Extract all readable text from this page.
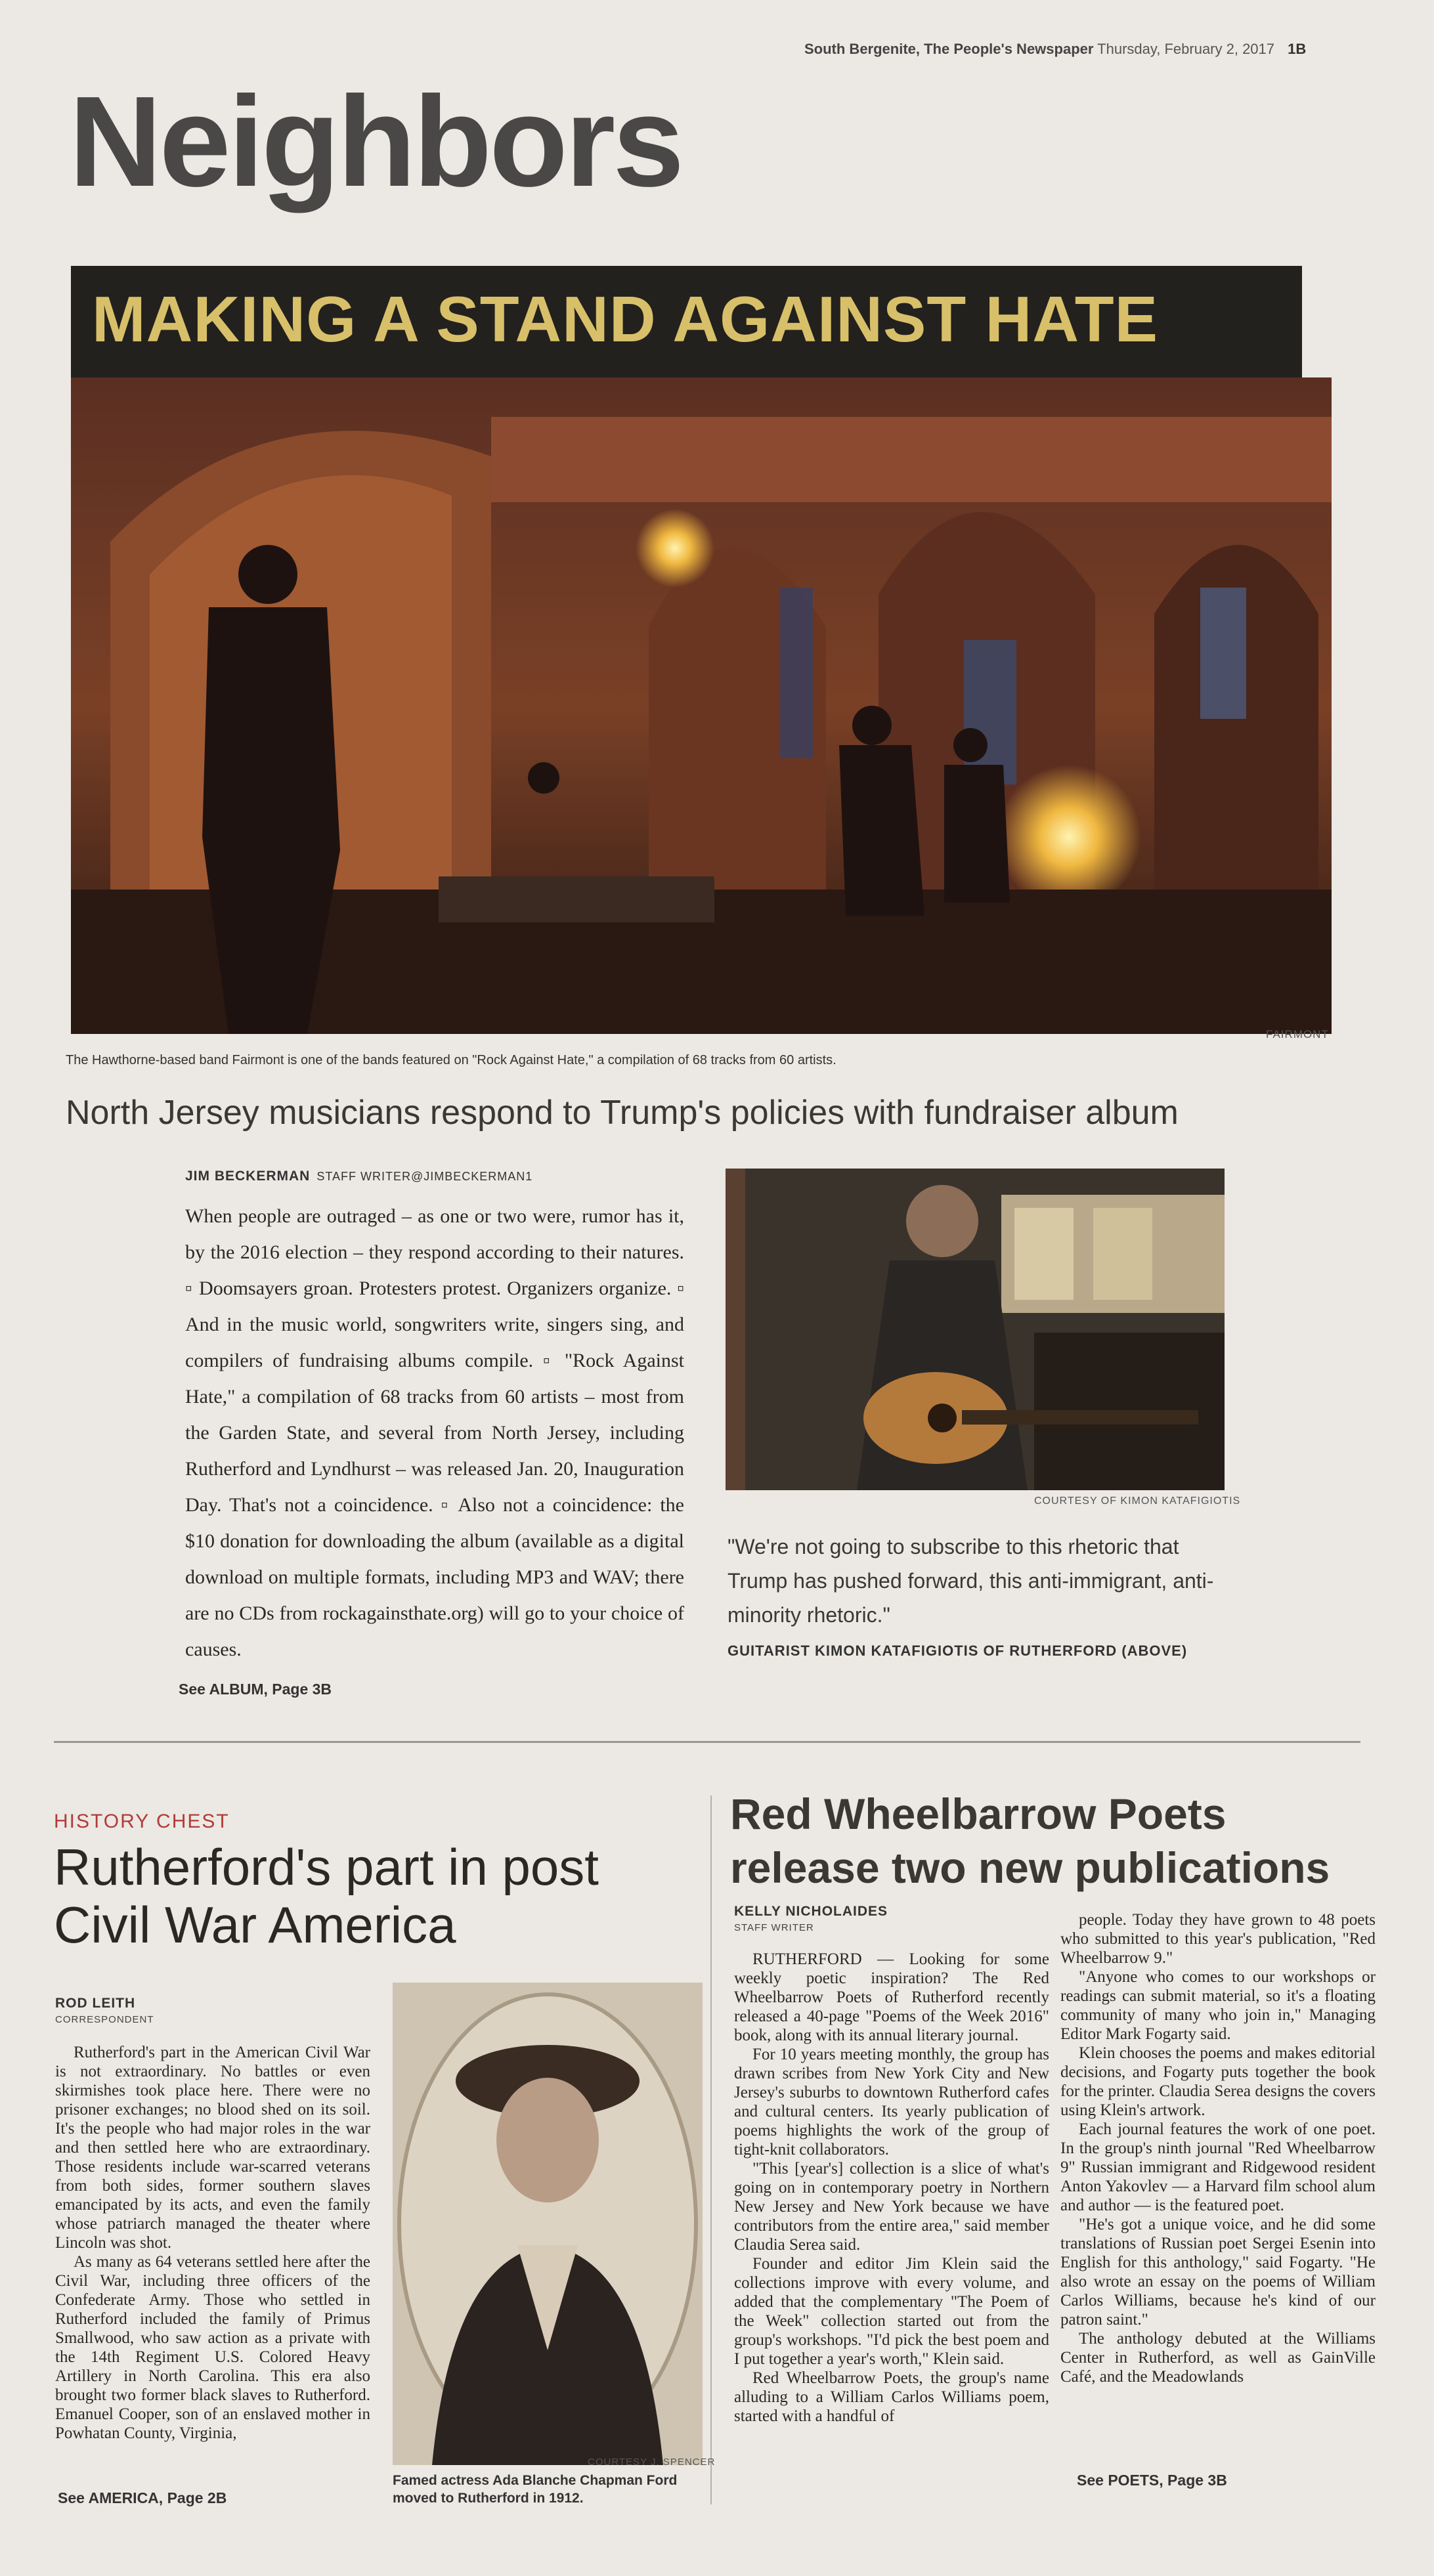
South Bergenite, The People's Newspaper Thursday, February 2, 2017 1B
Neighbors
MAKING A STAND AGAINST HATE
FAIRMONT
The Hawthorne-based band Fairmont is one of the bands featured on "Rock Against Hate," a compilation of 68 tracks from 60 artists.
North Jersey musicians respond to Trump's policies with fundraiser album
JIM BECKERMAN STAFF WRITER@JIMBECKERMAN1
When people are outraged – as one or two were, rumor has it, by the 2016 election – they respond according to their natures. ▫ Doomsayers groan. Protesters protest. Organizers organize. ▫ And in the music world, songwriters write, singers sing, and compilers of fundraising albums compile. ▫ "Rock Against Hate," a compilation of 68 tracks from 60 artists – most from the Garden State, and several from North Jersey, including Rutherford and Lyndhurst – was released Jan. 20, Inauguration Day. That's not a coincidence. ▫ Also not a coincidence: the $10 donation for downloading the album (available as a digital download on multiple formats, including MP3 and WAV; there are no CDs from rockagainsthate.org) will go to your choice of causes.
See ALBUM, Page 3B
COURTESY OF KIMON KATAFIGIOTIS
"We're not going to subscribe to this rhetoric that Trump has pushed forward, this anti-immigrant, anti-minority rhetoric."
GUITARIST KIMON KATAFIGIOTIS OF RUTHERFORD (ABOVE)
HISTORY CHEST
Rutherford's part in post Civil War America
ROD LEITH
CORRESPONDENT

Rutherford's part in the American Civil War is not extraordinary. No battles or even skirmishes took place here. There were no prisoner exchanges; no blood shed on its soil. It's the people who had major roles in the war and then settled here who are extraordinary. Those residents include war-scarred veterans from both sides, former southern slaves emancipated by its acts, and even the family whose patriarch managed the theater where Lincoln was shot.

As many as 64 veterans settled here after the Civil War, including three officers of the Confederate Army. Those who settled in Rutherford included the family of Primus Smallwood, who saw action as a private with the 14th Regiment U.S. Colored Heavy Artillery in North Carolina. This era also brought two former black slaves to Rutherford. Emanuel Cooper, son of an enslaved mother in Powhatan County, Virginia,

See AMERICA, Page 2B
COURTESY J. SPENCER
Famed actress Ada Blanche Chapman Ford moved to Rutherford in 1912.
Red Wheelbarrow Poets release two new publications
KELLY NICHOLAIDES
STAFF WRITER

RUTHERFORD — Looking for some weekly poetic inspiration? The Red Wheelbarrow Poets of Rutherford recently released a 40-page "Poems of the Week 2016" book, along with its annual literary journal.

For 10 years meeting monthly, the group has drawn scribes from New York City and New Jersey's suburbs to downtown Rutherford cafes and cultural centers. Its yearly publication of poems highlights the work of the group of tight-knit collaborators.

"This [year's] collection is a slice of what's going on in contemporary poetry in Northern New Jersey and New York because we have contributors from the entire area," said member Claudia Serea said.

Founder and editor Jim Klein said the collections improve with every volume, and added that the complementary "The Poem of the Week" collection started out from the group's workshops. "I'd pick the best poem and I put together a year's worth," Klein said.

Red Wheelbarrow Poets, the group's name alluding to a William Carlos Williams poem, started with a handful of

people. Today they have grown to 48 poets who submitted to this year's publication, "Red Wheelbarrow 9."

"Anyone who comes to our workshops or readings can submit material, so it's a floating community of many who join in," Managing Editor Mark Fogarty said.

Klein chooses the poems and makes editorial decisions, and Fogarty puts together the book for the printer. Claudia Serea designs the covers using Klein's artwork.

Each journal features the work of one poet. In the group's ninth journal "Red Wheelbarrow 9" Russian immigrant and Ridgewood resident Anton Yakovlev — a Harvard film school alum and author — is the featured poet.

"He's got a unique voice, and he did some translations of Russian poet Sergei Esenin into English for this anthology," said Fogarty. "He also wrote an essay on the poems of William Carlos Williams, because he's kind of our patron saint."

The anthology debuted at the Williams Center in Rutherford, as well as GainVille Café, and the Meadowlands

See POETS, Page 3B
